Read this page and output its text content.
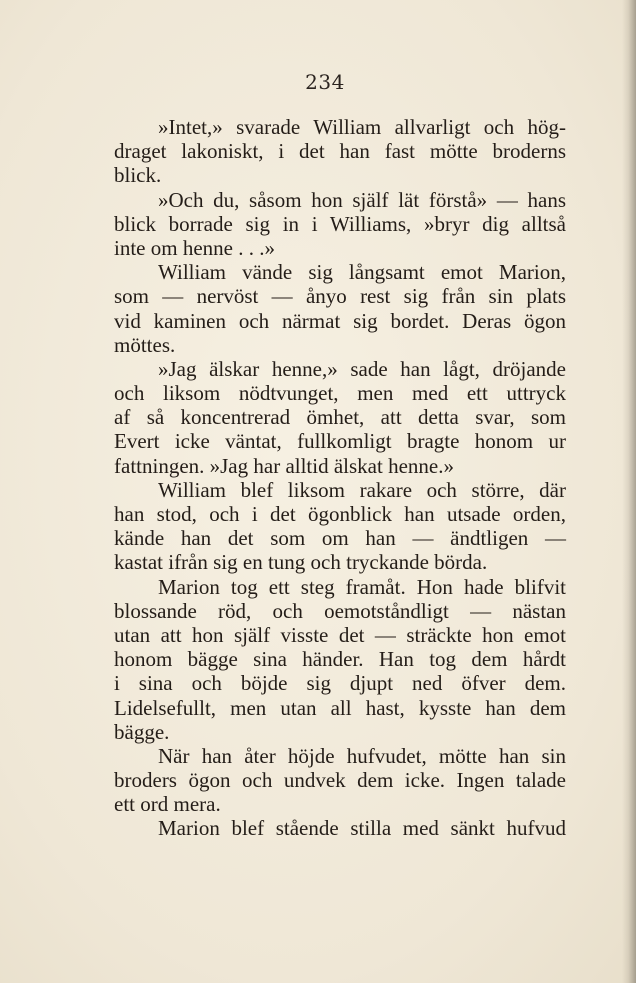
234
»Intet,» svarade William allvarligt och hög-
draget lakoniskt, i det han fast mötte broderns
blick.
»Och du, såsom hon själf lät förstå» — hans
blick borrade sig in i Williams, »bryr dig alltså
inte om henne . . .»
William vände sig långsamt emot Marion,
som — nervöst — ånyo rest sig från sin plats
vid kaminen och närmat sig bordet. Deras ögon
möttes.
»Jag älskar henne,» sade han lågt, dröjande
och liksom nödtvunget, men med ett uttryck
af så koncentrerad ömhet, att detta svar, som
Evert icke väntat, fullkomligt bragte honom ur
fattningen. »Jag har alltid älskat henne.»
William blef liksom rakare och större, där
han stod, och i det ögonblick han utsade orden,
kände han det som om han — ändtligen —
kastat ifrån sig en tung och tryckande börda.
Marion tog ett steg framåt. Hon hade blifvit
blossande röd, och oemotståndligt — nästan
utan att hon själf visste det — sträckte hon emot
honom bägge sina händer. Han tog dem hårdt
i sina och böjde sig djupt ned öfver dem.
Lidelsefullt, men utan all hast, kysste han dem
bägge.
När han åter höjde hufvudet, mötte han sin
broders ögon och undvek dem icke. Ingen talade
ett ord mera.
Marion blef stående stilla med sänkt hufvud
